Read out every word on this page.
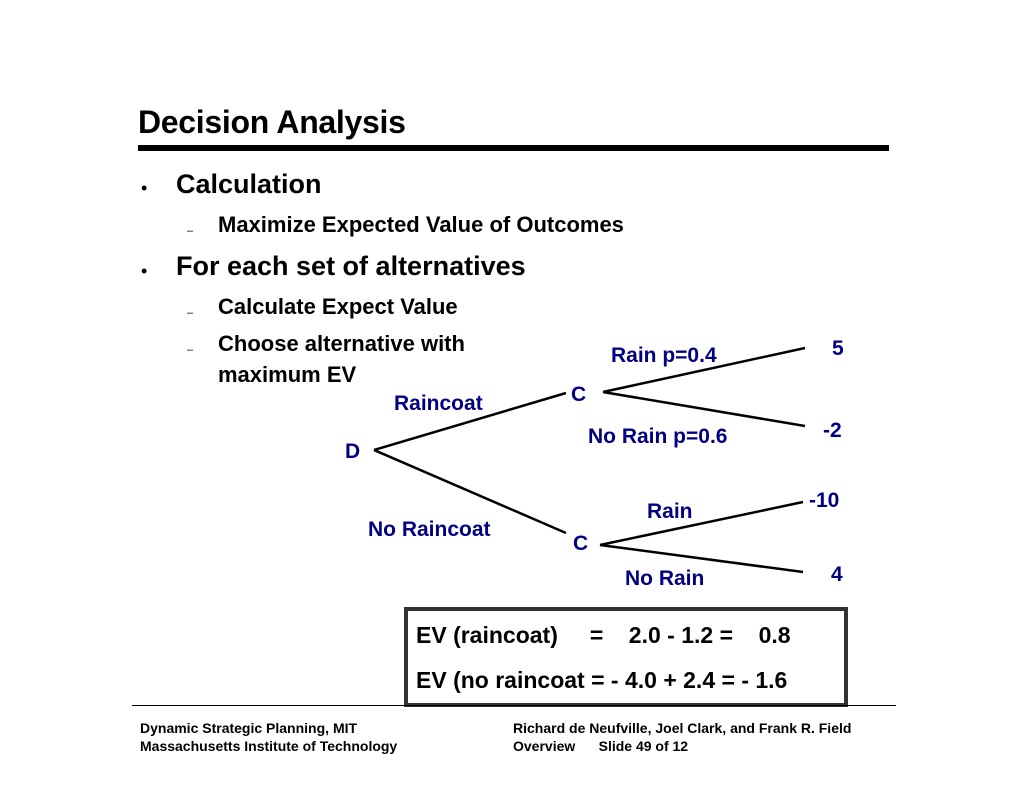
Decision Analysis
• Calculation
– Maximize Expected Value of Outcomes
• For each set of alternatives
– Calculate Expect Value
– Choose alternative with
maximum EV
D
C
C
Raincoat
No Raincoat
Rain p=0.4
No Rain p=0.6
Rain
No Rain
5
-2
-10
4
EV (raincoat)     =    2.0 - 1.2 =    0.8
EV (no raincoat = - 4.0 + 2.4 = - 1.6
Dynamic Strategic Planning, MIT
Massachusetts Institute of Technology
Richard de Neufville, Joel Clark, and Frank R. Field
Overview      Slide 49 of 12
